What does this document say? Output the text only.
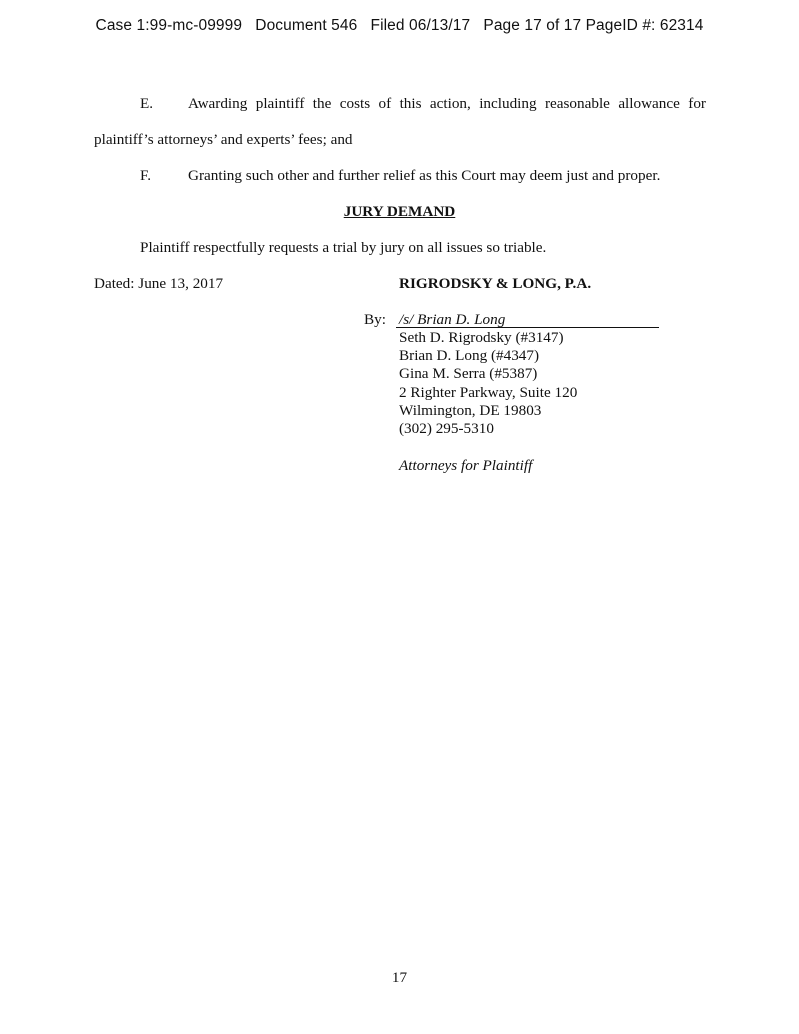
Case 1:99-mc-09999   Document 546   Filed 06/13/17   Page 17 of 17 PageID #: 62314
E. Awarding plaintiff the costs of this action, including reasonable allowance for
plaintiff’s attorneys’ and experts’ fees; and
F. Granting such other and further relief as this Court may deem just and proper.
JURY DEMAND
Plaintiff respectfully requests a trial by jury on all issues so triable.
Dated: June 13, 2017	RIGRODSKY & LONG, P.A.
By: /s/ Brian D. Long
Seth D. Rigrodsky (#3147)
Brian D. Long (#4347)
Gina M. Serra (#5387)
2 Righter Parkway, Suite 120
Wilmington, DE 19803
(302) 295-5310
Attorneys for Plaintiff
17
